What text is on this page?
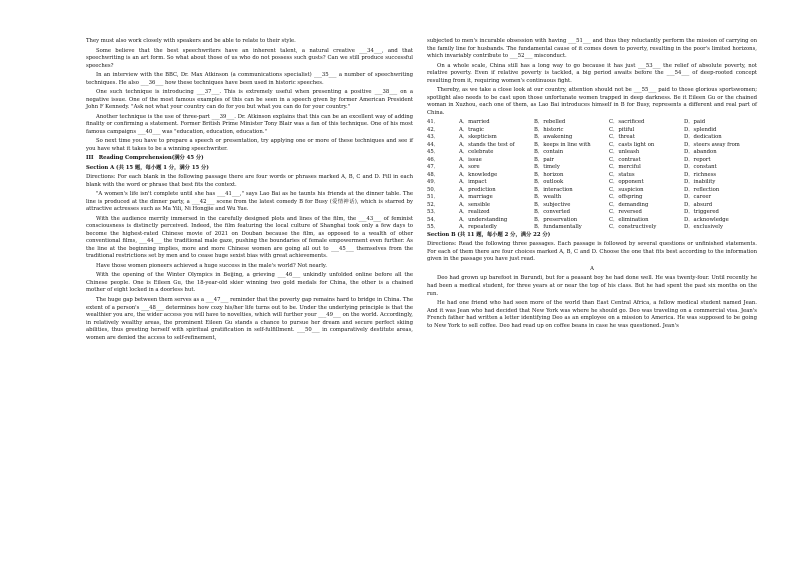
They must also work closely with speakers and be able to relate to their style.

Some believe that the best speechwriters have an inherent talent, a natural creative ___34___, and that speechwriting is an art form. So what about those of us who do not possess such gusts? Can we still produce successful speeches?

In an interview with the BBC, Dr. Max Atkinson (a communications specialist) ___35___ a number of speechwriting techniques. He also ___36___ how these techniques have been used in historic speeches.

One such technique is introducing ___37___. This is extremely useful when presenting a positive ___38___ on a negative issue. One of the most famous examples of this can be seen in a speech given by former American President John F Kennedy. "Ask not what your country can do for you but what you can do for your country."

Another technique is the use of three-part ___39___. Dr. Atkinson explains that this can be an excellent way of adding finality or confirming a statement. Former British Prime Minister Tony Blair was a fan of this technique. One of his most famous campaigns ___40___ was "education, education, education."

So next time you have to prepare a speech or presentation, try applying one or more of these techniques and see if you have what it takes to be a winning speechwriter.

III　Reading Comprehension(满分 45 分)

Section A (共 15 题，每小题 1 分，满分 15 分)

Directions: For each blank in the following passage there are four words or phrases marked A, B, C and D. Fill in each blank with the word or phrase that best fits the context.

"A women's life isn't complete until she has ___41___," says Lao Bai as he taunts his friends at the dinner table. The line is produced at the dinner party, a ___42___ scene from the latest comedy B for Busy (爱情神话), which is starred by attractive actresses such as Ma Yili, Ni Hongjie and Wu Yue.

With the audience merrily immersed in the carefully designed plots and lines of the film, the ___43___ of feminist consciousness is distinctly perceived. Indeed, the film featuring the local culture of Shanghai took only a few days to become the highest-rated Chinese movie of 2021 on Douban because the film, as opposed to a wealth of other conventional films, ___44___ the traditional male gaze, pushing the boundaries of female empowerment even further. As the line at the beginning implies, more and more Chinese women are going all out to ___45___ themselves from the traditional restrictions set by men and to cease huge sexist bias with great achievements.

Have those women pioneers achieved a huge success in the male's world? Not nearly.

With the opening of the Winter Olympics in Beijing, a grieving ___46___ unkindly unfolded online before all the Chinese people. One is Eileen Gu, the 18-year-old skier winning two gold medals for China, the other is a chained mother of eight locked in a doorless hut.

The huge gap between them serves as a ___47___ reminder that the poverty gap remains hard to bridge in China. The extent of a person's ___48___ determines how cozy his/her life turns out to be. Under the underlying principle is that the wealthier you are, the wider access you will have to novelties, which will further your ___49___ on the world. Accordingly, in relatively wealthy areas, the prominent Eileen Gu stands a chance to pursue her dream and secure perfect skiing abilities, thus greeting herself with spiritual gratification in self-fulfillment. ___50___ in comparatively destitute areas, women are denied the access to self-refinement,

subjected to men's incurable obsession with having ___51___ and thus they reluctantly perform the mission of carrying on the family line for husbands. The fundamental cause of it comes down to poverty, resulting in the poor's limited horizons, which invariably contribute to ___52___ misconduct.

On a whole scale, China still has a long way to go because it has just ___53___ the relief of absolute poverty, not relative poverty. Even if relative poverty is tackled, a big period awaits before the ___54___ of deep-rooted concept resulting from it, requiring women's continuous fight.

Thereby, as we take a close look at our country, attention should not be ___55___ paid to those glorious sportswomen; spotlight also needs to be cast upon those unfortunate women trapped in deep darkness. Be it Eileen Gu or the chained woman in Xuzhou, each one of them, as Lao Bai introduces himself in B for Busy, represents a different and real part of China.

41．	A．married	B．rebelled	C．sacrificed	D．paid
42．	A．tragic	B．historic	C．pitiful	D．splendid
43．	A．skepticism	B．awakening	C．threat	D．dedication
44．	A．stands the test of	B．keeps in line with	C．casts light on	D．steers away from
45．	A．celebrate	B．contain	C．unleash	D．abandon
46．	A．issue	B．pair	C．contrast	D．report
47．	A．sore	B．timely	C．merciful	D．constant
48．	A．knowledge	B．horizon	C．status	D．richness
49．	A．impact	B．outlook	C．opponent	D．inability
50．	A．prediction	B．interaction	C．suspicion	D．reflection
51．	A．marriage	B．wealth	C．offspring	D．career
52．	A．sensible	B．subjective	C．demanding	D．absurd
53．	A．realized	B．converted	C．reversed	D．triggered
54．	A．understanding	B．preservation	C．elimination	D．acknowledge
55．	A．repeatedly	B．fundamentally	C．constructively	D．exclusively

Section B (共 11 题，每小题 2 分，满分 22 分)

Directions: Read the following three passages. Each passage is followed by several questions or unfinished statements. For each of them there are four choices marked A, B, C and D. Choose the one that fits best according to the information given in the passage you have just read.

A

Deo had grown up barefoot in Burundi, but for a peasant boy he had done well. He was twenty-four. Until recently he had been a medical student, for three years at or near the top of his class. But he had spent the past six months on the run.

He had one friend who had seen more of the world than East Central Africa, a fellow medical student named Jean. And it was Jean who had decided that New York was where he should go. Deo was traveling on a commercial visa. Jean's French father had written a letter identifying Deo as an employee on a mission to America. He was supposed to be going to New York to sell coffee. Deo had read up on coffee beans in case he was questioned. Jean's
